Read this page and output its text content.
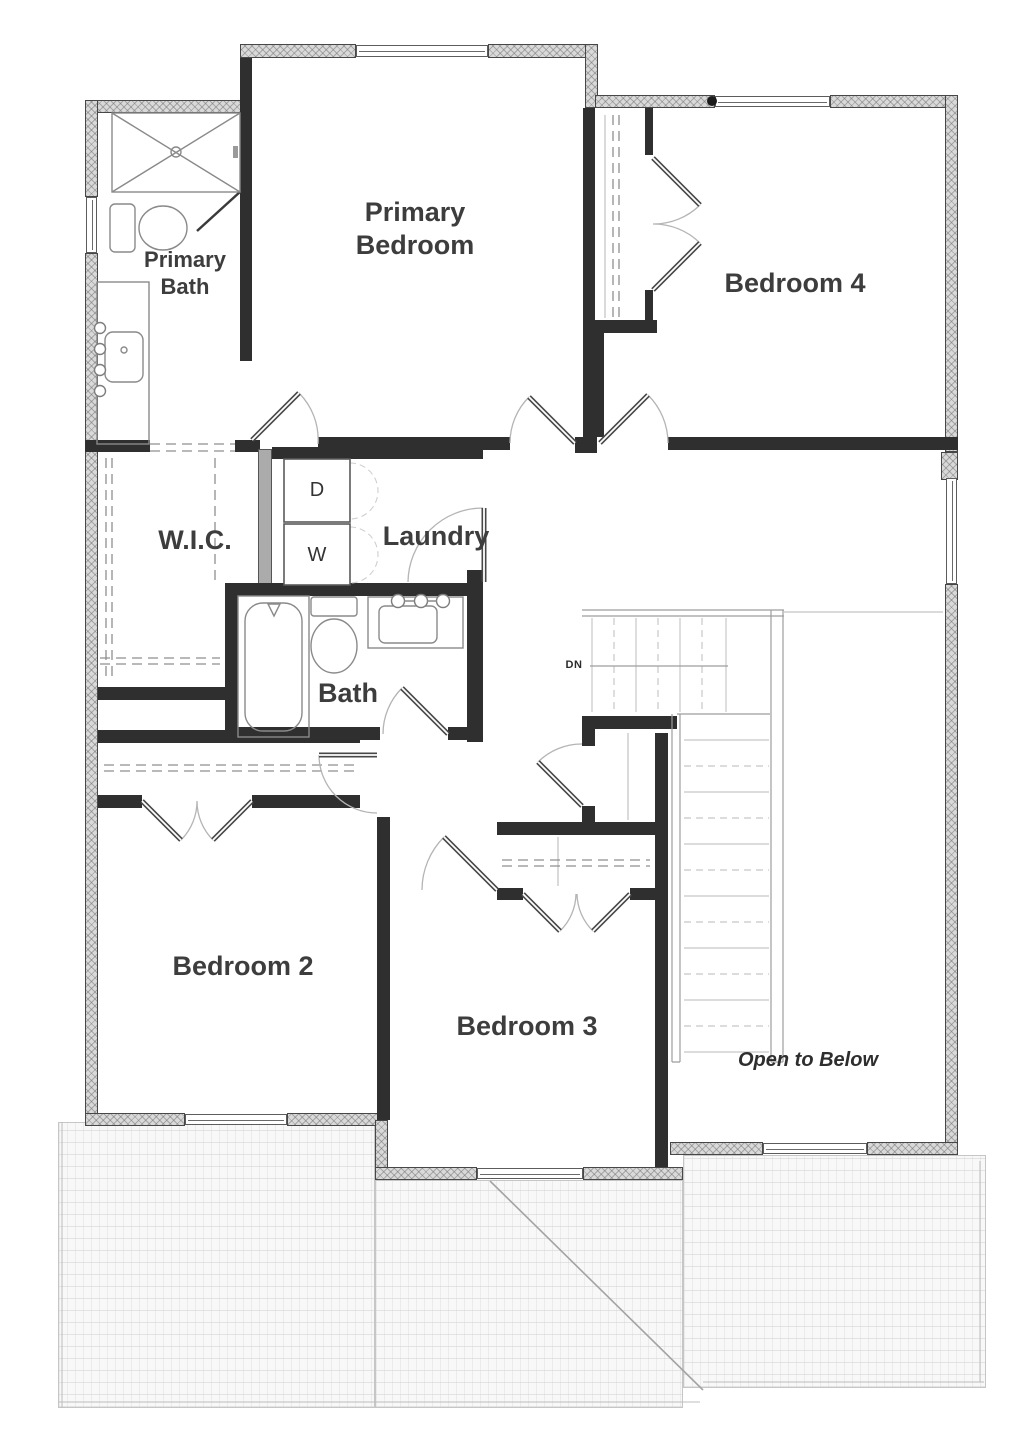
Primary
Bedroom
Primary
Bath	Bedroom 4
W.I.C.	Laundry
D
W
Bath
DN
Bedroom 2
Bedroom 3
Open to Below
